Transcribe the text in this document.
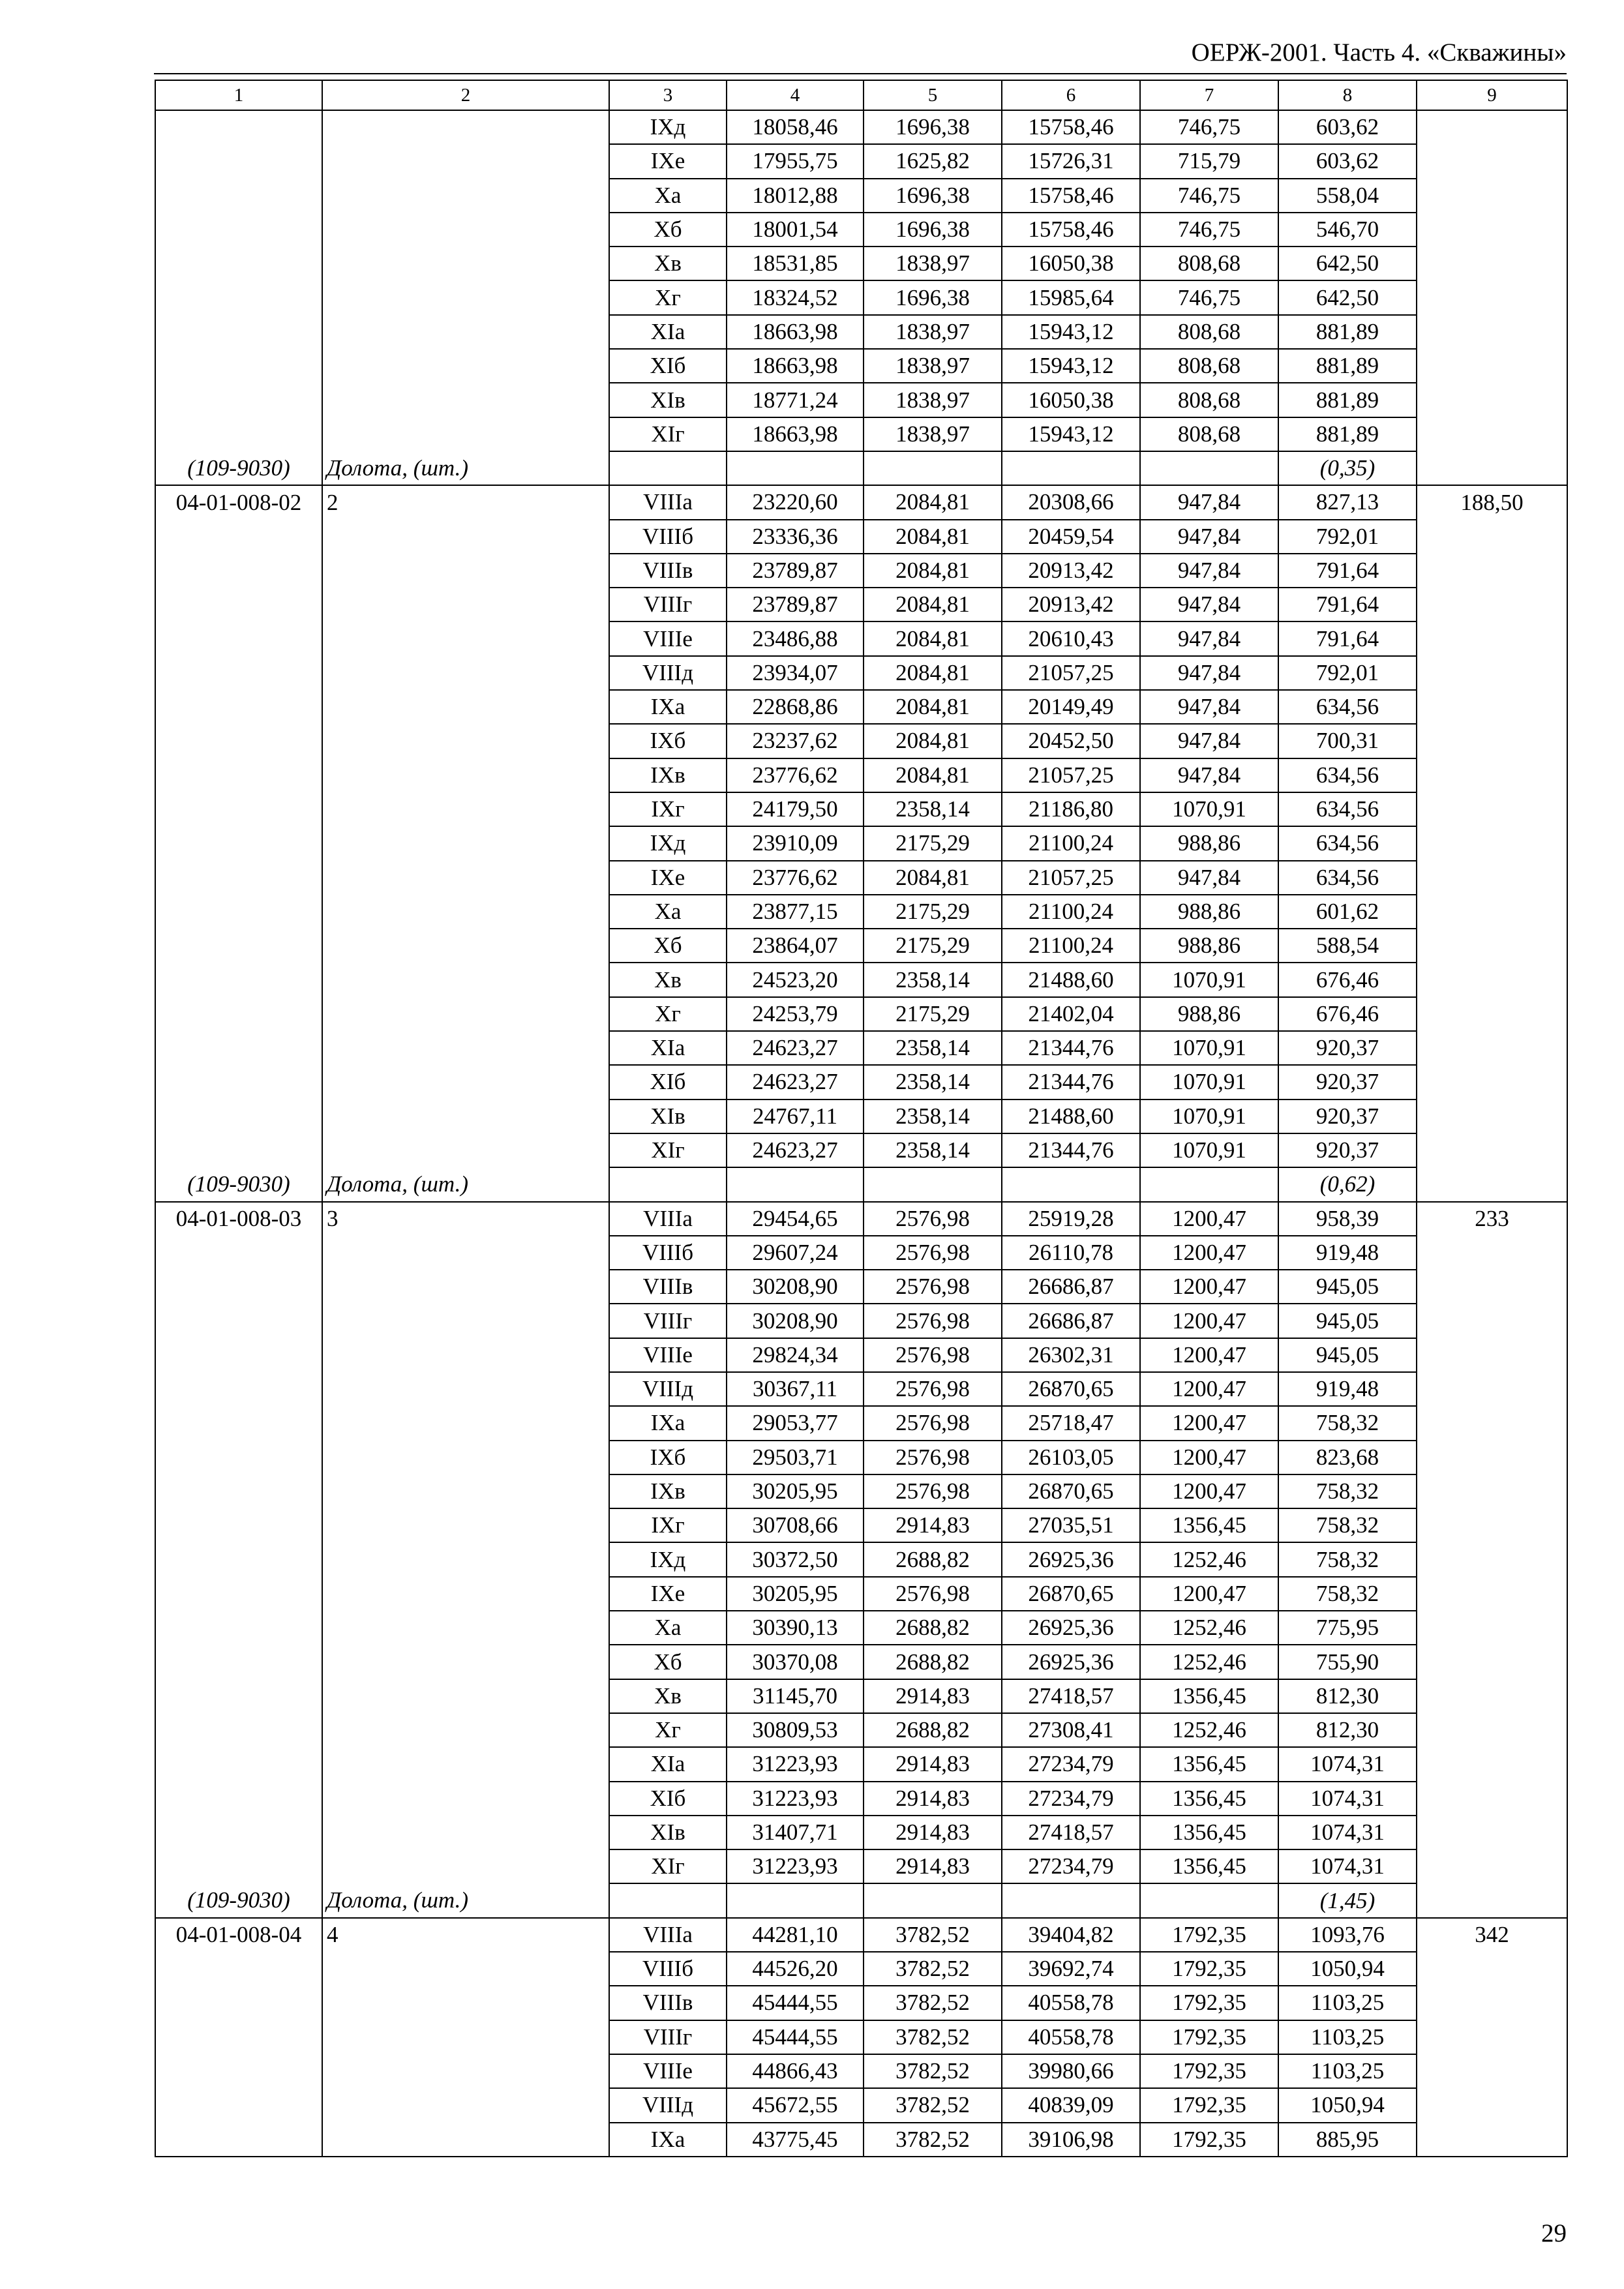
ОЕРЖ-2001. Часть 4. «Скважины»
1	2	3	4	5	6	7	8	9
		IХд	18058,46	1696,38	15758,46	746,75	603,62	
		IХе	17955,75	1625,82	15726,31	715,79	603,62	
		Ха	18012,88	1696,38	15758,46	746,75	558,04	
		Хб	18001,54	1696,38	15758,46	746,75	546,70	
		Хв	18531,85	1838,97	16050,38	808,68	642,50	
		Хг	18324,52	1696,38	15985,64	746,75	642,50	
		ХIа	18663,98	1838,97	15943,12	808,68	881,89	
		ХIб	18663,98	1838,97	15943,12	808,68	881,89	
		ХIв	18771,24	1838,97	16050,38	808,68	881,89	
		ХIг	18663,98	1838,97	15943,12	808,68	881,89	
(109-9030)	Долота, (шт.)						(0,35)	
04-01-008-02	2	VIIIа	23220,60	2084,81	20308,66	947,84	827,13	188,50
		VIIIб	23336,36	2084,81	20459,54	947,84	792,01	
		VIIIв	23789,87	2084,81	20913,42	947,84	791,64	
		VIIIг	23789,87	2084,81	20913,42	947,84	791,64	
		VIIIе	23486,88	2084,81	20610,43	947,84	791,64	
		VIIIд	23934,07	2084,81	21057,25	947,84	792,01	
		IХа	22868,86	2084,81	20149,49	947,84	634,56	
		IХб	23237,62	2084,81	20452,50	947,84	700,31	
		IХв	23776,62	2084,81	21057,25	947,84	634,56	
		IХг	24179,50	2358,14	21186,80	1070,91	634,56	
		IХд	23910,09	2175,29	21100,24	988,86	634,56	
		IХе	23776,62	2084,81	21057,25	947,84	634,56	
		Ха	23877,15	2175,29	21100,24	988,86	601,62	
		Хб	23864,07	2175,29	21100,24	988,86	588,54	
		Хв	24523,20	2358,14	21488,60	1070,91	676,46	
		Хг	24253,79	2175,29	21402,04	988,86	676,46	
		ХIа	24623,27	2358,14	21344,76	1070,91	920,37	
		ХIб	24623,27	2358,14	21344,76	1070,91	920,37	
		ХIв	24767,11	2358,14	21488,60	1070,91	920,37	
		ХIг	24623,27	2358,14	21344,76	1070,91	920,37	
(109-9030)	Долота, (шт.)						(0,62)	
04-01-008-03	3	VIIIа	29454,65	2576,98	25919,28	1200,47	958,39	233
		VIIIб	29607,24	2576,98	26110,78	1200,47	919,48	
		VIIIв	30208,90	2576,98	26686,87	1200,47	945,05	
		VIIIг	30208,90	2576,98	26686,87	1200,47	945,05	
		VIIIе	29824,34	2576,98	26302,31	1200,47	945,05	
		VIIIд	30367,11	2576,98	26870,65	1200,47	919,48	
		IХа	29053,77	2576,98	25718,47	1200,47	758,32	
		IХб	29503,71	2576,98	26103,05	1200,47	823,68	
		IХв	30205,95	2576,98	26870,65	1200,47	758,32	
		IХг	30708,66	2914,83	27035,51	1356,45	758,32	
		IХд	30372,50	2688,82	26925,36	1252,46	758,32	
		IХе	30205,95	2576,98	26870,65	1200,47	758,32	
		Ха	30390,13	2688,82	26925,36	1252,46	775,95	
		Хб	30370,08	2688,82	26925,36	1252,46	755,90	
		Хв	31145,70	2914,83	27418,57	1356,45	812,30	
		Хг	30809,53	2688,82	27308,41	1252,46	812,30	
		ХIа	31223,93	2914,83	27234,79	1356,45	1074,31	
		ХIб	31223,93	2914,83	27234,79	1356,45	1074,31	
		ХIв	31407,71	2914,83	27418,57	1356,45	1074,31	
		ХIг	31223,93	2914,83	27234,79	1356,45	1074,31	
(109-9030)	Долота, (шт.)						(1,45)	
04-01-008-04	4	VIIIа	44281,10	3782,52	39404,82	1792,35	1093,76	342
		VIIIб	44526,20	3782,52	39692,74	1792,35	1050,94	
		VIIIв	45444,55	3782,52	40558,78	1792,35	1103,25	
		VIIIг	45444,55	3782,52	40558,78	1792,35	1103,25	
		VIIIе	44866,43	3782,52	39980,66	1792,35	1103,25	
		VIIIд	45672,55	3782,52	40839,09	1792,35	1050,94	
		IХа	43775,45	3782,52	39106,98	1792,35	885,95	
29
